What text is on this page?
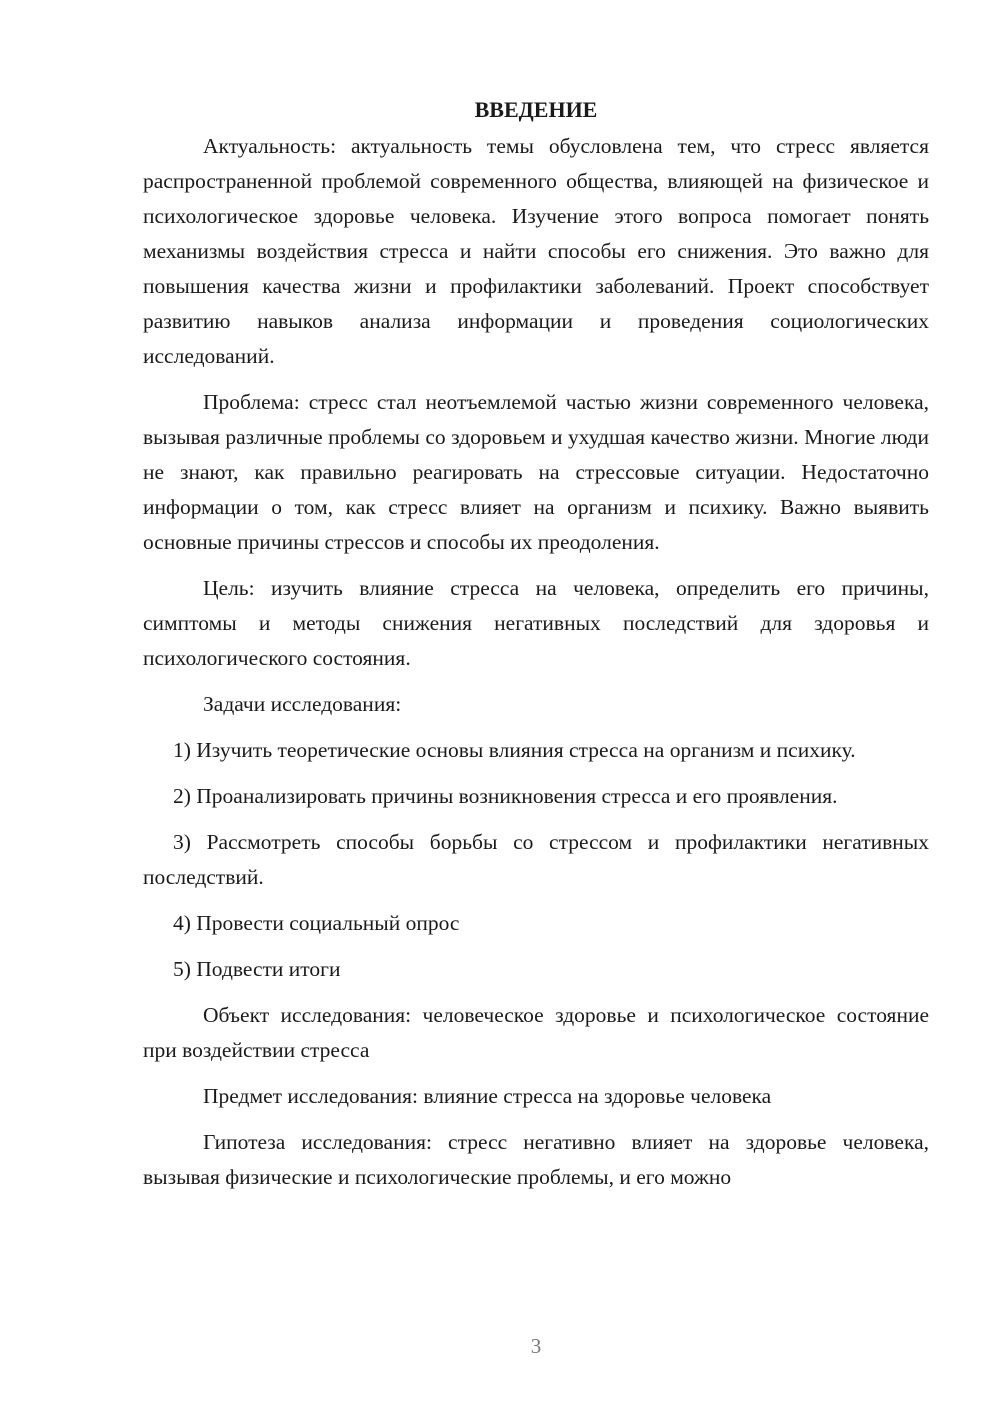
ВВЕДЕНИЕ

Актуальность: актуальность темы обусловлена тем, что стресс является распространенной проблемой современного общества, влияющей на физическое и психологическое здоровье человека. Изучение этого вопроса помогает понять механизмы воздействия стресса и найти способы его снижения. Это важно для повышения качества жизни и профилактики заболеваний. Проект способствует развитию навыков анализа информации и проведения социологических исследований.

Проблема: стресс стал неотъемлемой частью жизни современного человека, вызывая различные проблемы со здоровьем и ухудшая качество жизни. Многие люди не знают, как правильно реагировать на стрессовые ситуации. Недостаточно информации о том, как стресс влияет на организм и психику. Важно выявить основные причины стрессов и способы их преодоления.

Цель: изучить влияние стресса на человека, определить его причины, симптомы и методы снижения негативных последствий для здоровья и психологического состояния.

Задачи исследования:

1) Изучить теоретические основы влияния стресса на организм и психику.

2) Проанализировать причины возникновения стресса и его проявления.

3) Рассмотреть способы борьбы со стрессом и профилактики негативных последствий.

4) Провести социальный опрос

5) Подвести итоги

Объект исследования: человеческое здоровье и психологическое состояние при воздействии стресса

Предмет исследования: влияние стресса на здоровье человека

Гипотеза исследования: стресс негативно влияет на здоровье человека, вызывая физические и психологические проблемы, и его можно

3
